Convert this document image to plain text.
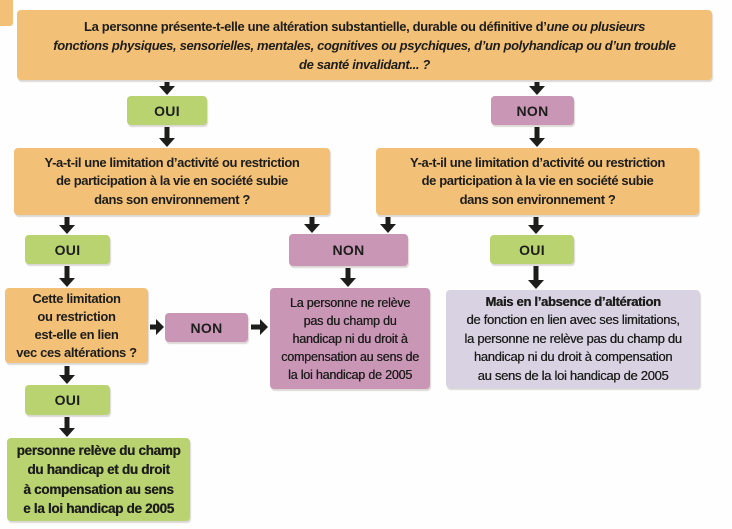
La personne présente-t-elle une altération substantielle, durable ou définitive d’une ou plusieurs
fonctions physiques, sensorielles, mentales, cognitives ou psychiques, d’un polyhandicap ou d’un trouble
de santé invalidant... ?
OUI	NON
Y-a-t-il une limitation d’activité ou restriction
de participation à la vie en société subie
dans son environnement ?
Y-a-t-il une limitation d’activité ou restriction
de participation à la vie en société subie
dans son environnement ?
OUI	NON	OUI
Cette limitation
ou restriction
est-elle en lien
vec ces altérations ?
NON
La personne ne relève
pas du champ du
handicap ni du droit à
compensation au sens de
la loi handicap de 2005
Mais en l’absence d’altération
de fonction en lien avec ses limitations,
la personne ne relève pas du champ du
handicap ni du droit à compensation
au sens de la loi handicap de 2005
OUI
personne relève du champ
du handicap et du droit
à compensation au sens
e la loi handicap de 2005
